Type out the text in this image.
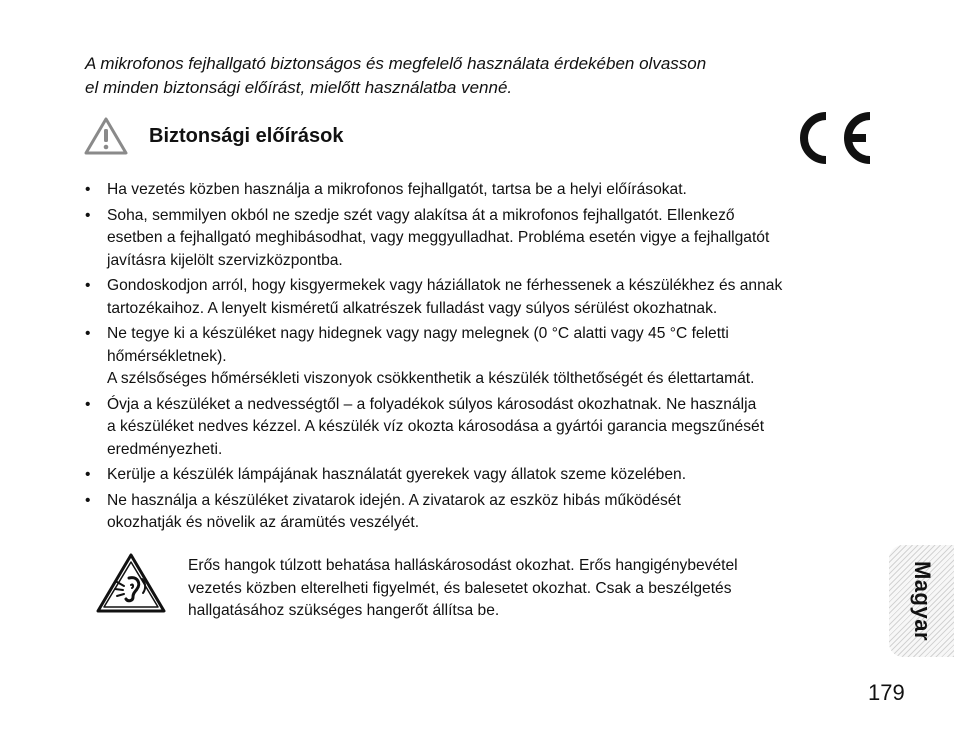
A mikrofonos fejhallgató biztonságos és megfelelő használata érdekében olvasson
el minden biztonsági előírást, mielőtt használatba venné.

Biztonsági előírások
• Ha vezetés közben használja a mikrofonos fejhallgatót, tartsa be a helyi előírásokat.
• Soha, semmilyen okból ne szedje szét vagy alakítsa át a mikrofonos fejhallgatót. Ellenkező
esetben a fejhallgató meghibásodhat, vagy meggyulladhat. Probléma esetén vigye a fejhallgatót
javításra kijelölt szervizközpontba.
• Gondoskodjon arról, hogy kisgyermekek vagy háziállatok ne férhessenek a készülékhez és annak
tartozékaihoz. A lenyelt kisméretű alkatrészek fulladást vagy súlyos sérülést okozhatnak.
• Ne tegye ki a készüléket nagy hidegnek vagy nagy melegnek (0 °C alatti vagy 45 °C feletti
hőmérsékletnek).
A szélsőséges hőmérsékleti viszonyok csökkenthetik a készülék tölthetőségét és élettartamát.
• Óvja a készüléket a nedvességtől – a folyadékok súlyos károsodást okozhatnak. Ne használja
a készüléket nedves kézzel. A készülék víz okozta károsodása a gyártói garancia megszűnését
eredményezheti.
• Kerülje a készülék lámpájának használatát gyerekek vagy állatok szeme közelében.
• Ne használja a készüléket zivatarok idején. A zivatarok az eszköz hibás működését
okozhatják és növelik az áramütés veszélyét.

Erős hangok túlzott behatása halláskárosodást okozhat. Erős hangigénybevétel
vezetés közben elterelheti figyelmét, és balesetet okozhat. Csak a beszélgetés
hallgatásához szükséges hangerőt állítsa be.	Magyar

179
